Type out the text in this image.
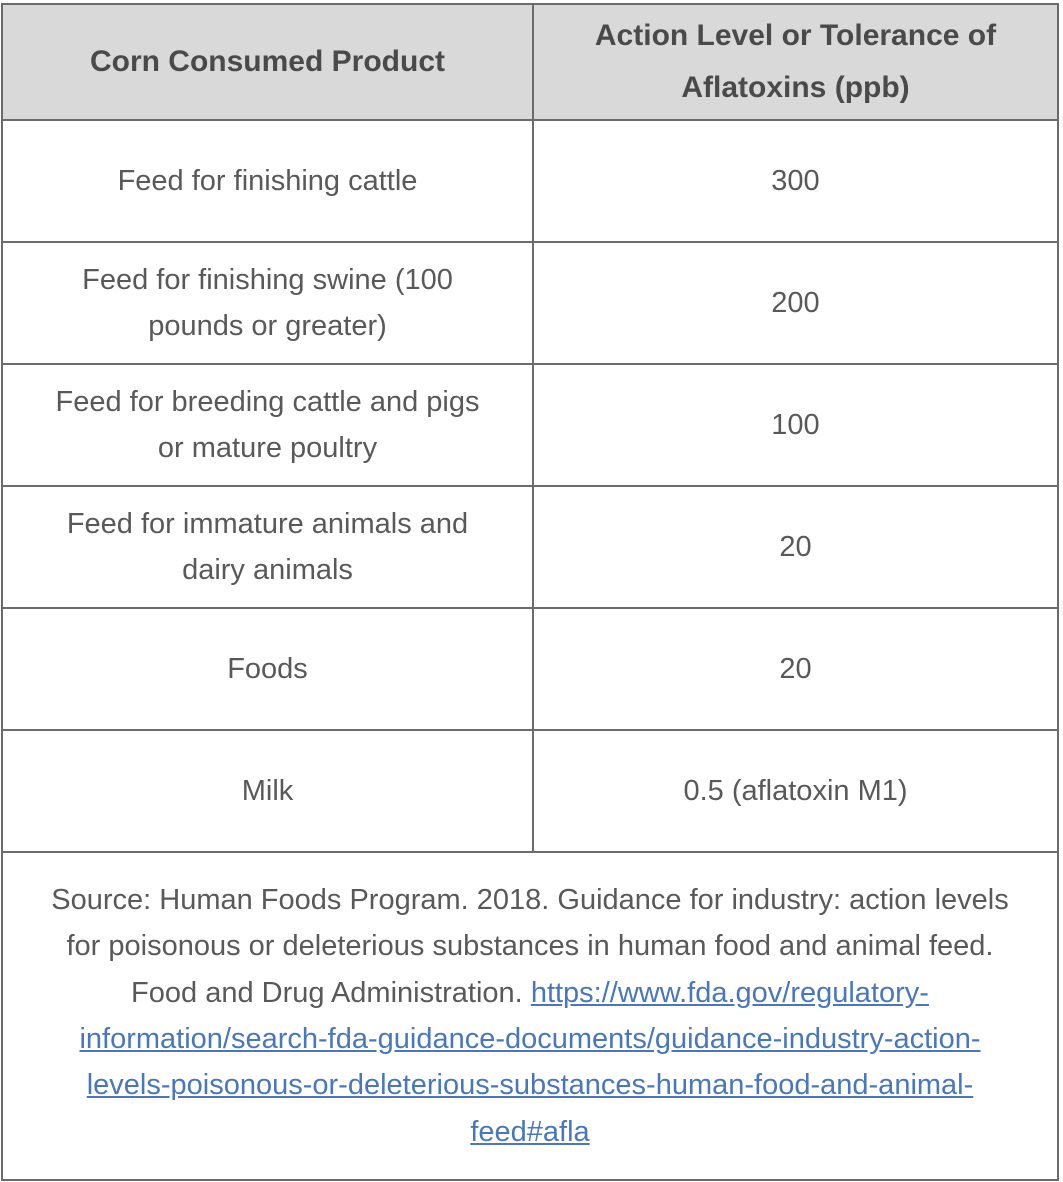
Corn Consumed Product	Action Level or Tolerance of Aflatoxins (ppb)
Feed for finishing cattle	300
Feed for finishing swine (100 pounds or greater)	200
Feed for breeding cattle and pigs or mature poultry	100
Feed for immature animals and dairy animals	20
Foods	20
Milk	0.5 (aflatoxin M1)
Source: Human Foods Program. 2018. Guidance for industry: action levels for poisonous or deleterious substances in human food and animal feed. Food and Drug Administration. https://www.fda.gov/regulatory-information/search-fda-guidance-documents/guidance-industry-action-levels-poisonous-or-deleterious-substances-human-food-and-animal-feed#afla	
